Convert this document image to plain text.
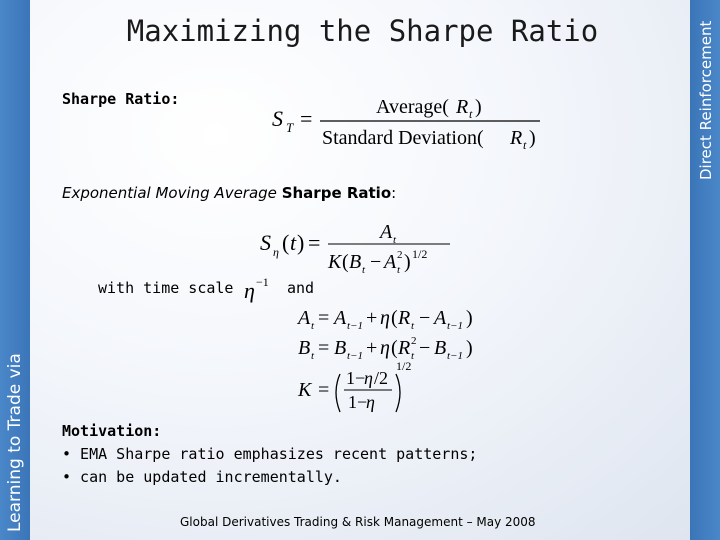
Learning to Trade via
Direct Reinforcement
Maximizing the Sharpe Ratio
Sharpe Ratio:
S T =	Average( R t )
Standard Deviation( R t )
Exponential Moving Average Sharpe Ratio:
S η ( t ) =	A t
K ( B t − A t
2 ) 1/2
with time scale η −1 and
A t = A t−1 + η ( R t − A t−1 )
B t = B t−1 + η ( R t
2 − B t−1 )
K =
1−
η /2
1−
η
1/2
Motivation:
• EMA Sharpe ratio emphasizes recent patterns;
• can be updated incrementally.
Global Derivatives Trading & Risk Management – May 2008
